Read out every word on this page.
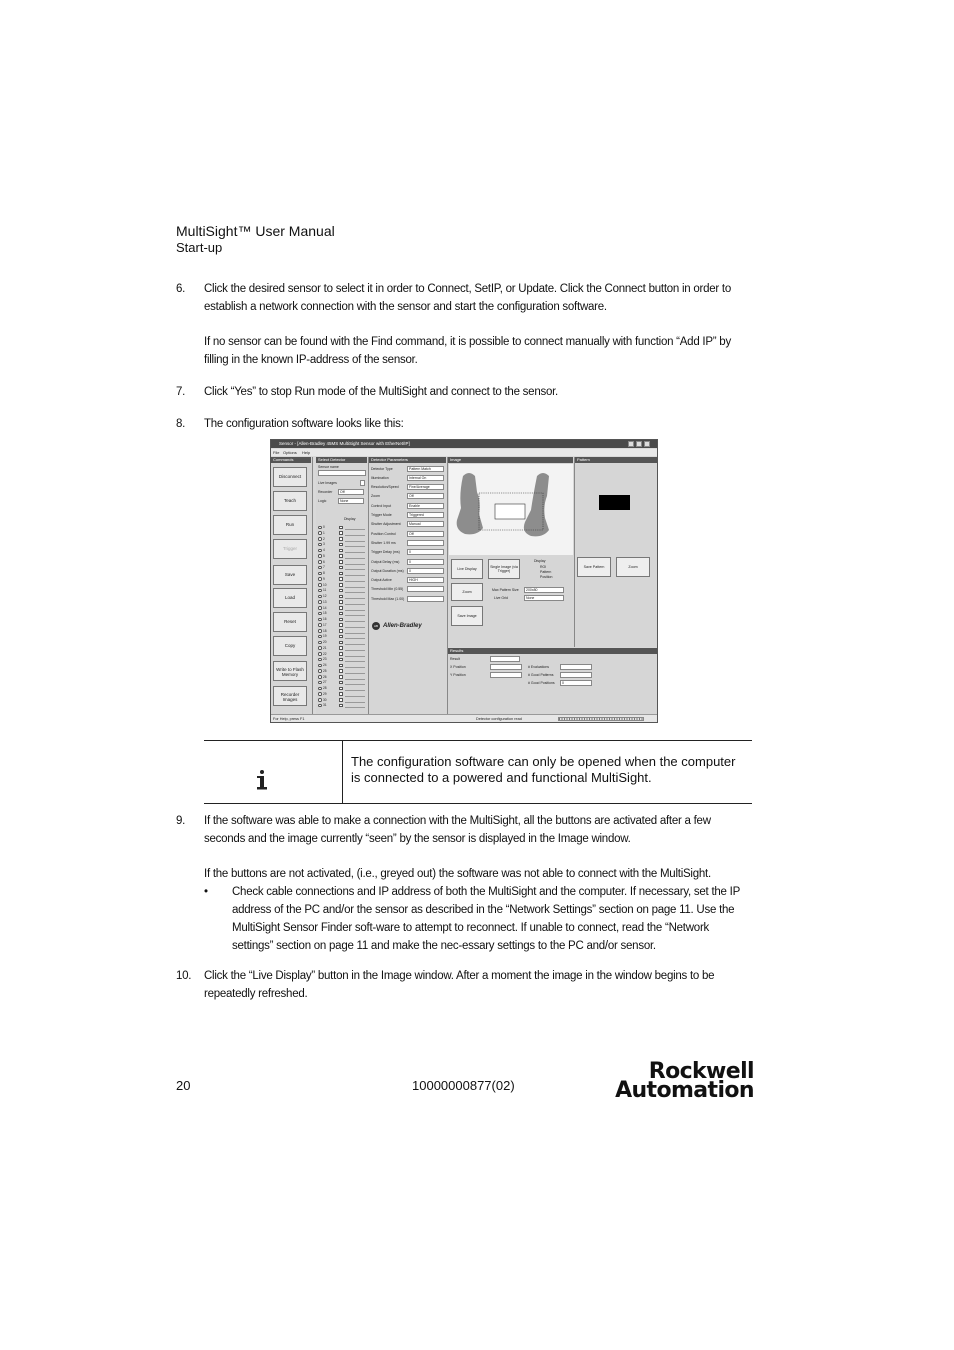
MultiSight™ User Manual
Start-up
6. Click the desired sensor to select it in order to Connect, SetIP, or Update. Click the Connect button in order to establish a network connection with the sensor and start the configuration software.

If no sensor can be found with the Find command, it is possible to connect manually with function “Add IP” by filling in the known IP-address of the sensor.

7. Click “Yes” to stop Run mode of the MultiSight and connect to the sensor.

8. The configuration software looks like this:

Sensor - [Allen-Bradley 45MS MultiSight Sensor with EtherNet/IP]
File Options Help
Commands
Disconnect
Teach
Run
Trigger
Save
Load
Reset
Copy
Write to Flash Memory
Recorder Images
Select Detector
Sensor name
Live Images
Recorder	Off
Logic	None
Display
0
1
2
3
4
5
6
7
8
9
10
11
12
13
14
15
16
17
18
19
20
21
22
23
24
25
26
27
28
29
30
31
Detector Parameters
Detector Type	Pattern Match
Illumination	Internal On
Resolution/Speed	Fine/Average
Zoom	Off
Control Input	Enable
Trigger Mode	Triggered
Shutter Adjustment	Manual
Position Control	Off
Shutter 1.99 ms
Trigger Delay (ms)	0
Output Delay (ms)	0
Output Duration (ms)	0
Output Active	HIGH
Threshold Min (0.55)
Threshold Max (1.00)
AB Allen-Bradley
Image
Live Display
Single Image (via Trigger)
Zoom
Save Image
Display
ROI
Pattern
Position
Max Pattern Size	200x80
Live Grid	None
Pattern
Save Pattern	Zoom
Results
Result
X Position
Y Position
# Evaluations
# Good Patterns
# Good Positions	0
For Help, press F1	Detector configuration read
The configuration software can only be opened when the computer is connected to a powered and functional MultiSight.
9. If the software was able to make a connection with the MultiSight, all the buttons are activated after a few seconds and the image currently “seen” by the sensor is displayed in the Image window.

If the buttons are not activated, (i.e., greyed out) the software was not able to connect with the MultiSight.

• Check cable connections and IP address of both the MultiSight and the computer. If necessary, set the IP address of the PC and/or the sensor as described in the “Network Settings” section on page 11. Use the MultiSight Sensor Finder soft-ware to attempt to reconnect. If unable to connect, read the “Network settings” section on page 11 and make the nec-essary settings to the PC and/or sensor.
10. Click the “Live Display” button in the Image window. After a moment the image in the window begins to be repeatedly refreshed.

20	10000000877(02)
Rockwell
Automation
